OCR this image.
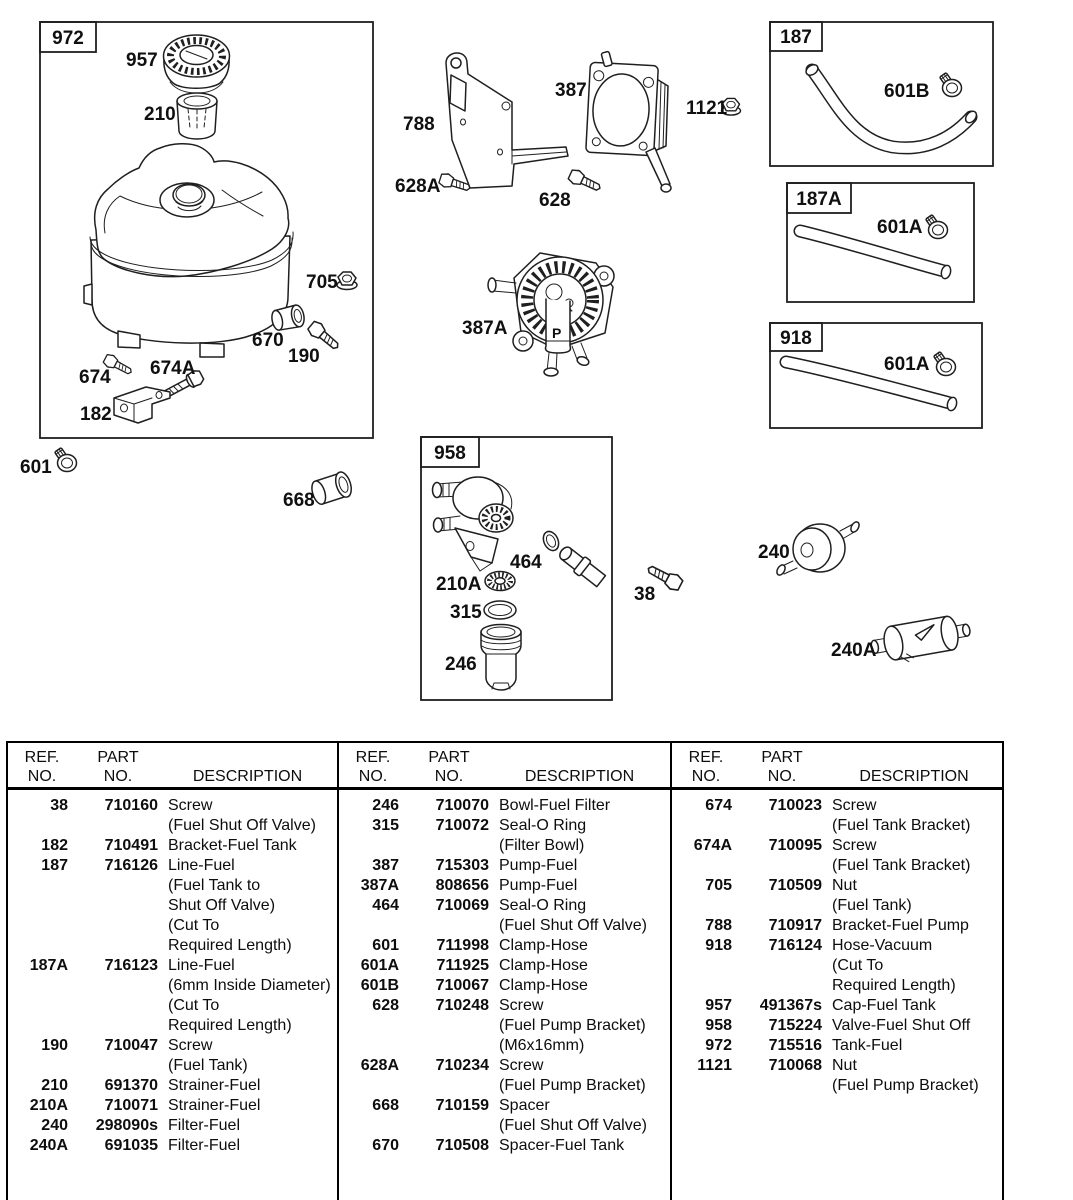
972	187
187A
918
958
957
210
705
670
190
674 674A
182
788
387
628A
628
1121
601B
601A
601A
P
387A
464
210A
315
246
38
240
240A
601
668
REF.
NO.
PART
NO.	DESCRIPTION
38	710160 Screw
(Fuel Shut Off Valve)
182	710491 Bracket-Fuel Tank
187	716126 Line-Fuel
(Fuel Tank to
Shut Off Valve)
(Cut To
Required Length)
187A	716123 Line-Fuel
(6mm Inside Diameter)
(Cut To
Required Length)
190	710047 Screw
(Fuel Tank)
210	691370 Strainer-Fuel
210A	710071 Strainer-Fuel
240	298090s Filter-Fuel
240A	691035 Filter-Fuel
REF.
NO.
PART
NO.	DESCRIPTION
246	710070 Bowl-Fuel Filter
315	710072 Seal-O Ring
(Filter Bowl)
387	715303 Pump-Fuel
387A	808656 Pump-Fuel
464	710069 Seal-O Ring
(Fuel Shut Off Valve)
601	711998 Clamp-Hose
601A	711925 Clamp-Hose
601B	710067 Clamp-Hose
628	710248 Screw
(Fuel Pump Bracket)
(M6x16mm)
628A	710234 Screw
(Fuel Pump Bracket)
668	710159 Spacer
(Fuel Shut Off Valve)
670	710508 Spacer-Fuel Tank
REF.
NO.
PART
NO.	DESCRIPTION
674	710023 Screw
(Fuel Tank Bracket)
674A	710095 Screw
(Fuel Tank Bracket)
705	710509 Nut
(Fuel Tank)
788	710917 Bracket-Fuel Pump
918	716124 Hose-Vacuum
(Cut To
Required Length)
957	491367s Cap-Fuel Tank
958	715224 Valve-Fuel Shut Off
972	715516 Tank-Fuel
1121	710068 Nut
(Fuel Pump Bracket)
